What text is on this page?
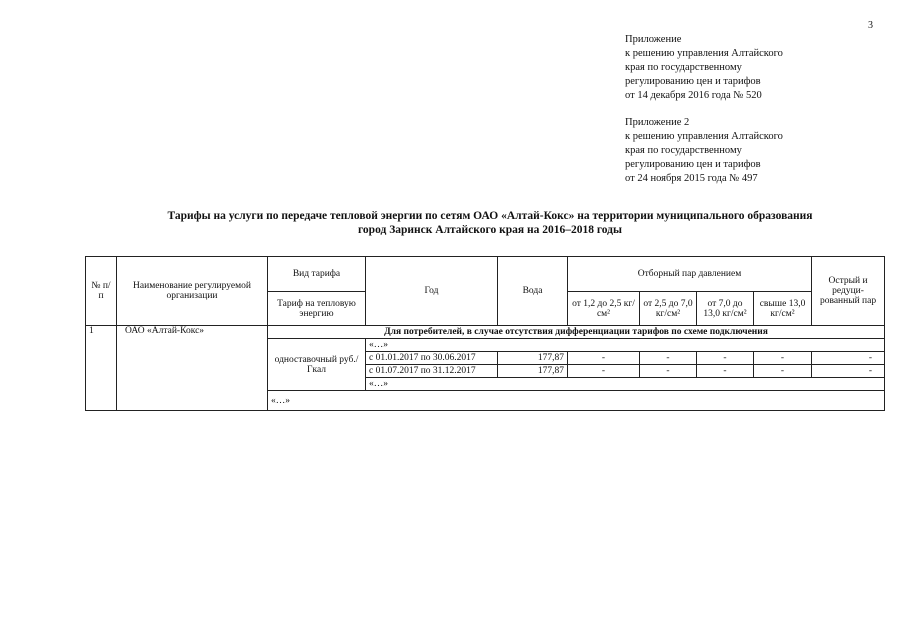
3
Приложение
к решению управления Алтайского
края по государственному
регулированию цен и тарифов
от 14 декабря 2016 года № 520
Приложение 2
к решению управления Алтайского
края по государственному
регулированию цен и тарифов
от 24 ноября 2015 года № 497
Тарифы на услуги по передаче тепловой энергии по сетям ОАО «Алтай-Кокс» на территории муниципального образования
город Заринск Алтайского края на 2016–2018 годы
№ п/п	Наименование регулируемой организации	Вид тарифа	Год	Вода	Отборный пар давлением				Острый и редуци-рованный пар
		Тариф на тепловую энергию			от 1,2 до 2,5 кг/см²	от 2,5 до 7,0 кг/см²	от 7,0 до 13,0 кг/см²	свыше 13,0 кг/см²	
1	ОАО «Алтай-Кокс»	Для потребителей, в случае отсутствия дифференциации тарифов по схеме подключения							
		одноставочный руб./Гкал	«…»						
			с 01.01.2017 по 30.06.2017	177,87	-	-	-	-	-
			с 01.07.2017 по 31.12.2017	177,87	-	-	-	-	-
			«…»						
		«…»							
